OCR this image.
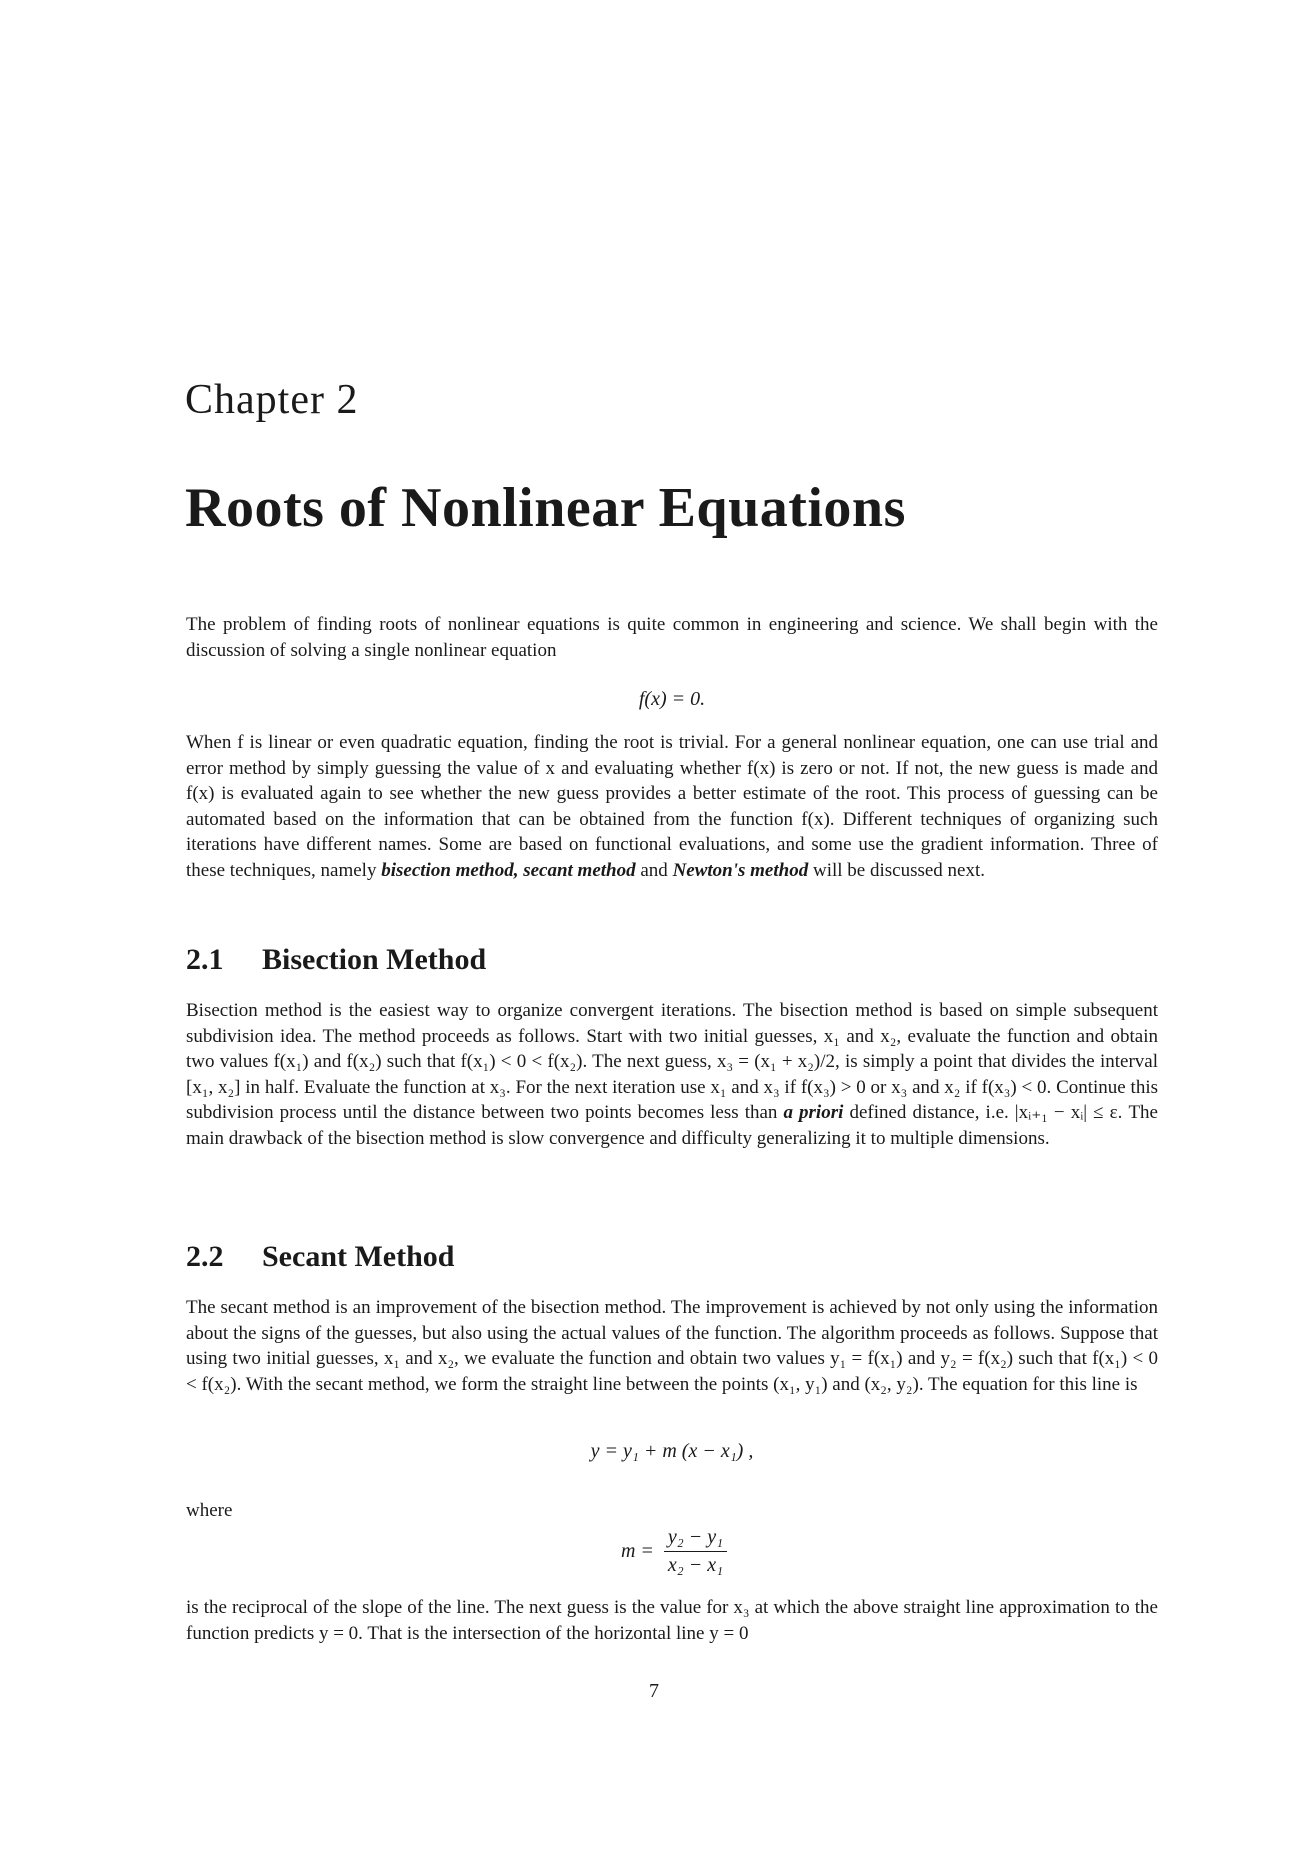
Chapter 2
Roots of Nonlinear Equations

The problem of finding roots of nonlinear equations is quite common in engineering and science. We shall begin with the discussion of solving a single nonlinear equation

f(x) = 0.

When f is linear or even quadratic equation, finding the root is trivial. For a general nonlinear equation, one can use trial and error method by simply guessing the value of x and evaluating whether f(x) is zero or not. If not, the new guess is made and f(x) is evaluated again to see whether the new guess provides a better estimate of the root. This process of guessing can be automated based on the information that can be obtained from the function f(x). Different techniques of organizing such iterations have different names. Some are based on functional evaluations, and some use the gradient information. Three of these techniques, namely bisection method, secant method and Newton's method will be discussed next.

2.1 Bisection Method

Bisection method is the easiest way to organize convergent iterations. The bisection method is based on simple subsequent subdivision idea. The method proceeds as follows. Start with two initial guesses, x₁ and x₂, evaluate the function and obtain two values f(x₁) and f(x₂) such that f(x₁) < 0 < f(x₂). The next guess, x₃ = (x₁ + x₂)/2, is simply a point that divides the interval [x₁, x₂] in half. Evaluate the function at x₃. For the next iteration use x₁ and x₃ if f(x₃) > 0 or x₃ and x₂ if f(x₃) < 0. Continue this subdivision process until the distance between two points becomes less than a priori defined distance, i.e. |xᵢ₊₁ − xᵢ| ≤ ε. The main drawback of the bisection method is slow convergence and difficulty generalizing it to multiple dimensions.

2.2 Secant Method

The secant method is an improvement of the bisection method. The improvement is achieved by not only using the information about the signs of the guesses, but also using the actual values of the function. The algorithm proceeds as follows. Suppose that using two initial guesses, x₁ and x₂, we evaluate the function and obtain two values y₁ = f(x₁) and y₂ = f(x₂) such that f(x₁) < 0 < f(x₂). With the secant method, we form the straight line between the points (x₁, y₁) and (x₂, y₂). The equation for this line is

y = y₁ + m (x − x₁) ,
where
$m = \frac{\text{y₂ − y₁}}{\text{x₂ − x₁}}$

is the reciprocal of the slope of the line. The next guess is the value for x₃ at which the above straight line approximation to the function predicts y = 0. That is the intersection of the horizontal line y = 0

7
